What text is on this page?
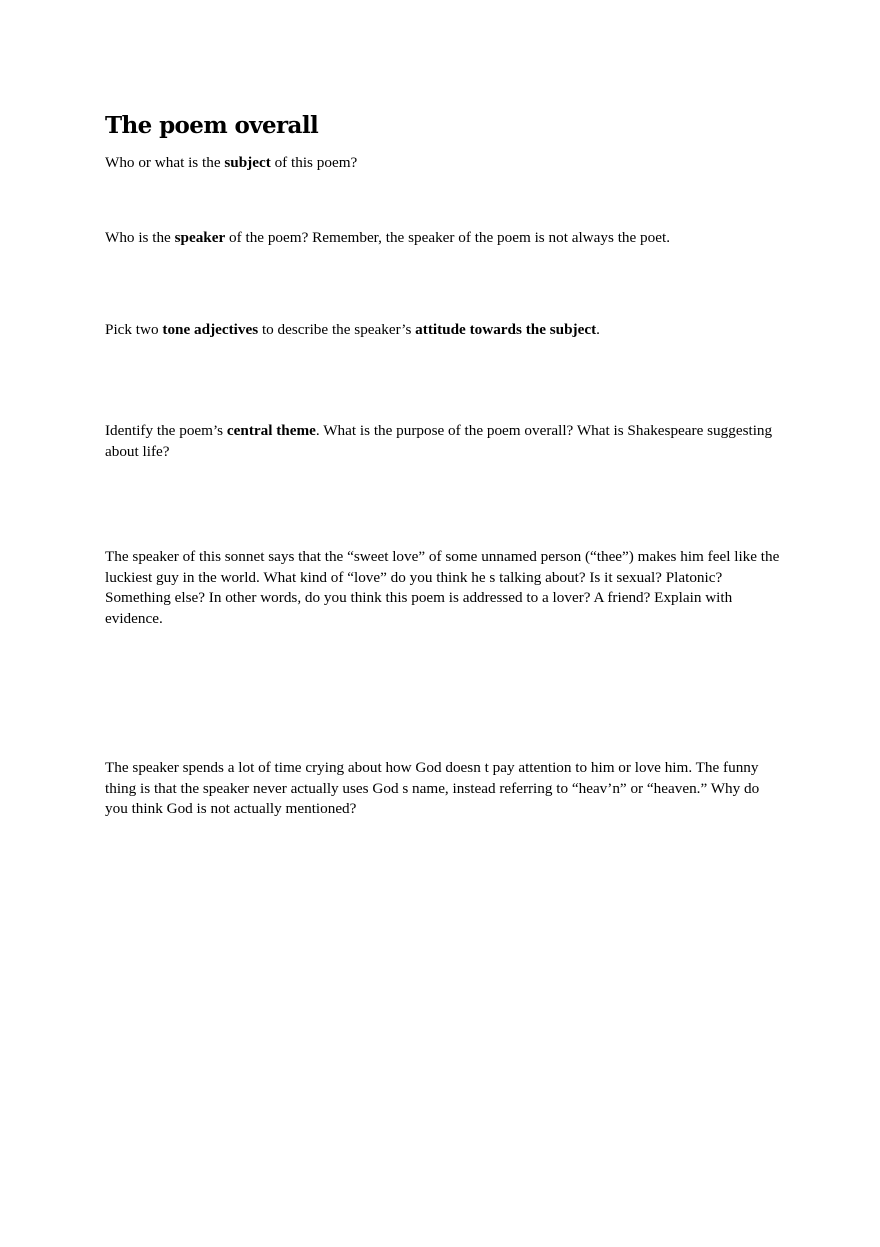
The poem overall

Who or what is the subject of this poem?

Who is the speaker of the poem? Remember, the speaker of the poem is not always the poet.

Pick two tone adjectives to describe the speaker’s attitude towards the subject.

Identify the poem’s central theme. What is the purpose of the poem overall? What is Shakespeare suggesting about life?

The speaker of this sonnet says that the “sweet love” of some unnamed person (“thee”) makes him feel like the luckiest guy in the world. What kind of “love” do you think he s talking about? Is it sexual? Platonic? Something else? In other words, do you think this poem is addressed to a lover? A friend? Explain with evidence.

The speaker spends a lot of time crying about how God doesn t pay attention to him or love him. The funny thing is that the speaker never actually uses God s name, instead referring to “heav’n” or “heaven.” Why do you think God is not actually mentioned?
